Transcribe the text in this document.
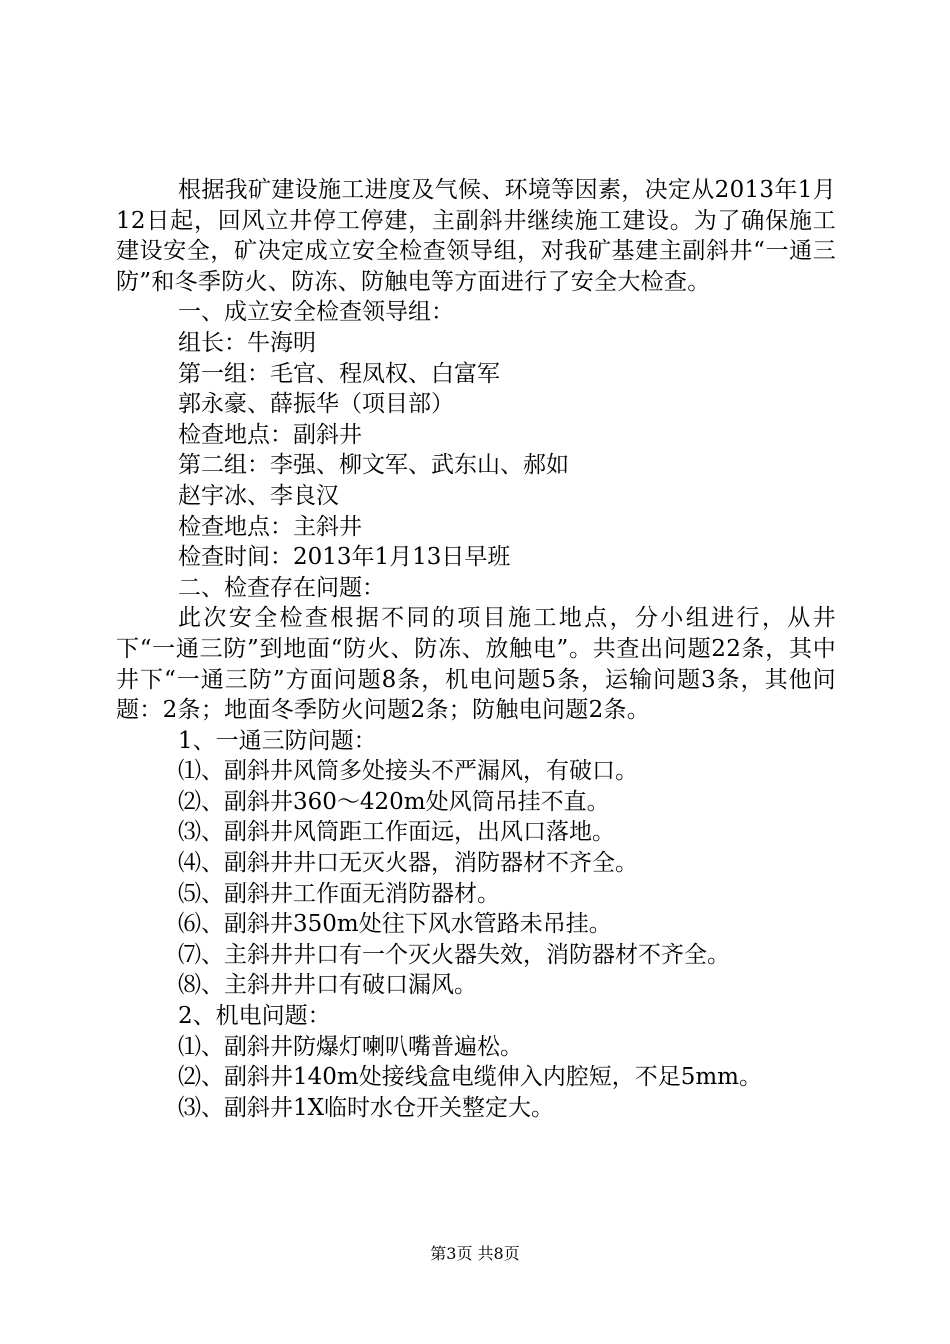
根据我矿建设施工进度及气候、环境等因素，决定从2013年1月12日起，回风立井停工停建，主副斜井继续施工建设。为了确保施工建设安全，矿决定成立安全检查领导组，对我矿基建主副斜井“一通三防”和冬季防火、防冻、防触电等方面进行了安全大检查。

一、成立安全检查领导组：

组长：牛海明

第一组：毛官、程凤权、白富军

郭永豪、薛振华（项目部）

检查地点：副斜井

第二组：李强、柳文军、武东山、郝如

赵宇冰、李良汉

检查地点：主斜井

检查时间：2013年1月13日早班

二、检查存在问题：

此次安全检查根据不同的项目施工地点，分小组进行，从井下“一通三防”到地面“防火、防冻、放触电”。共查出问题22条，其中井下“一通三防”方面问题8条，机电问题5条，运输问题3条，其他问题：2条；地面冬季防火问题2条；防触电问题2条。

1、一通三防问题：

⑴、副斜井风筒多处接头不严漏风，有破口。

⑵、副斜井360～420m处风筒吊挂不直。

⑶、副斜井风筒距工作面远，出风口落地。

⑷、副斜井井口无灭火器，消防器材不齐全。

⑸、副斜井工作面无消防器材。

⑹、副斜井350m处往下风水管路未吊挂。

⑺、主斜井井口有一个灭火器失效，消防器材不齐全。

⑻、主斜井井口有破口漏风。

2、机电问题：

⑴、副斜井防爆灯喇叭嘴普遍松。

⑵、副斜井140m处接线盒电缆伸入内腔短，不足5mm。

⑶、副斜井1X临时水仓开关整定大。

第3页 共8页
